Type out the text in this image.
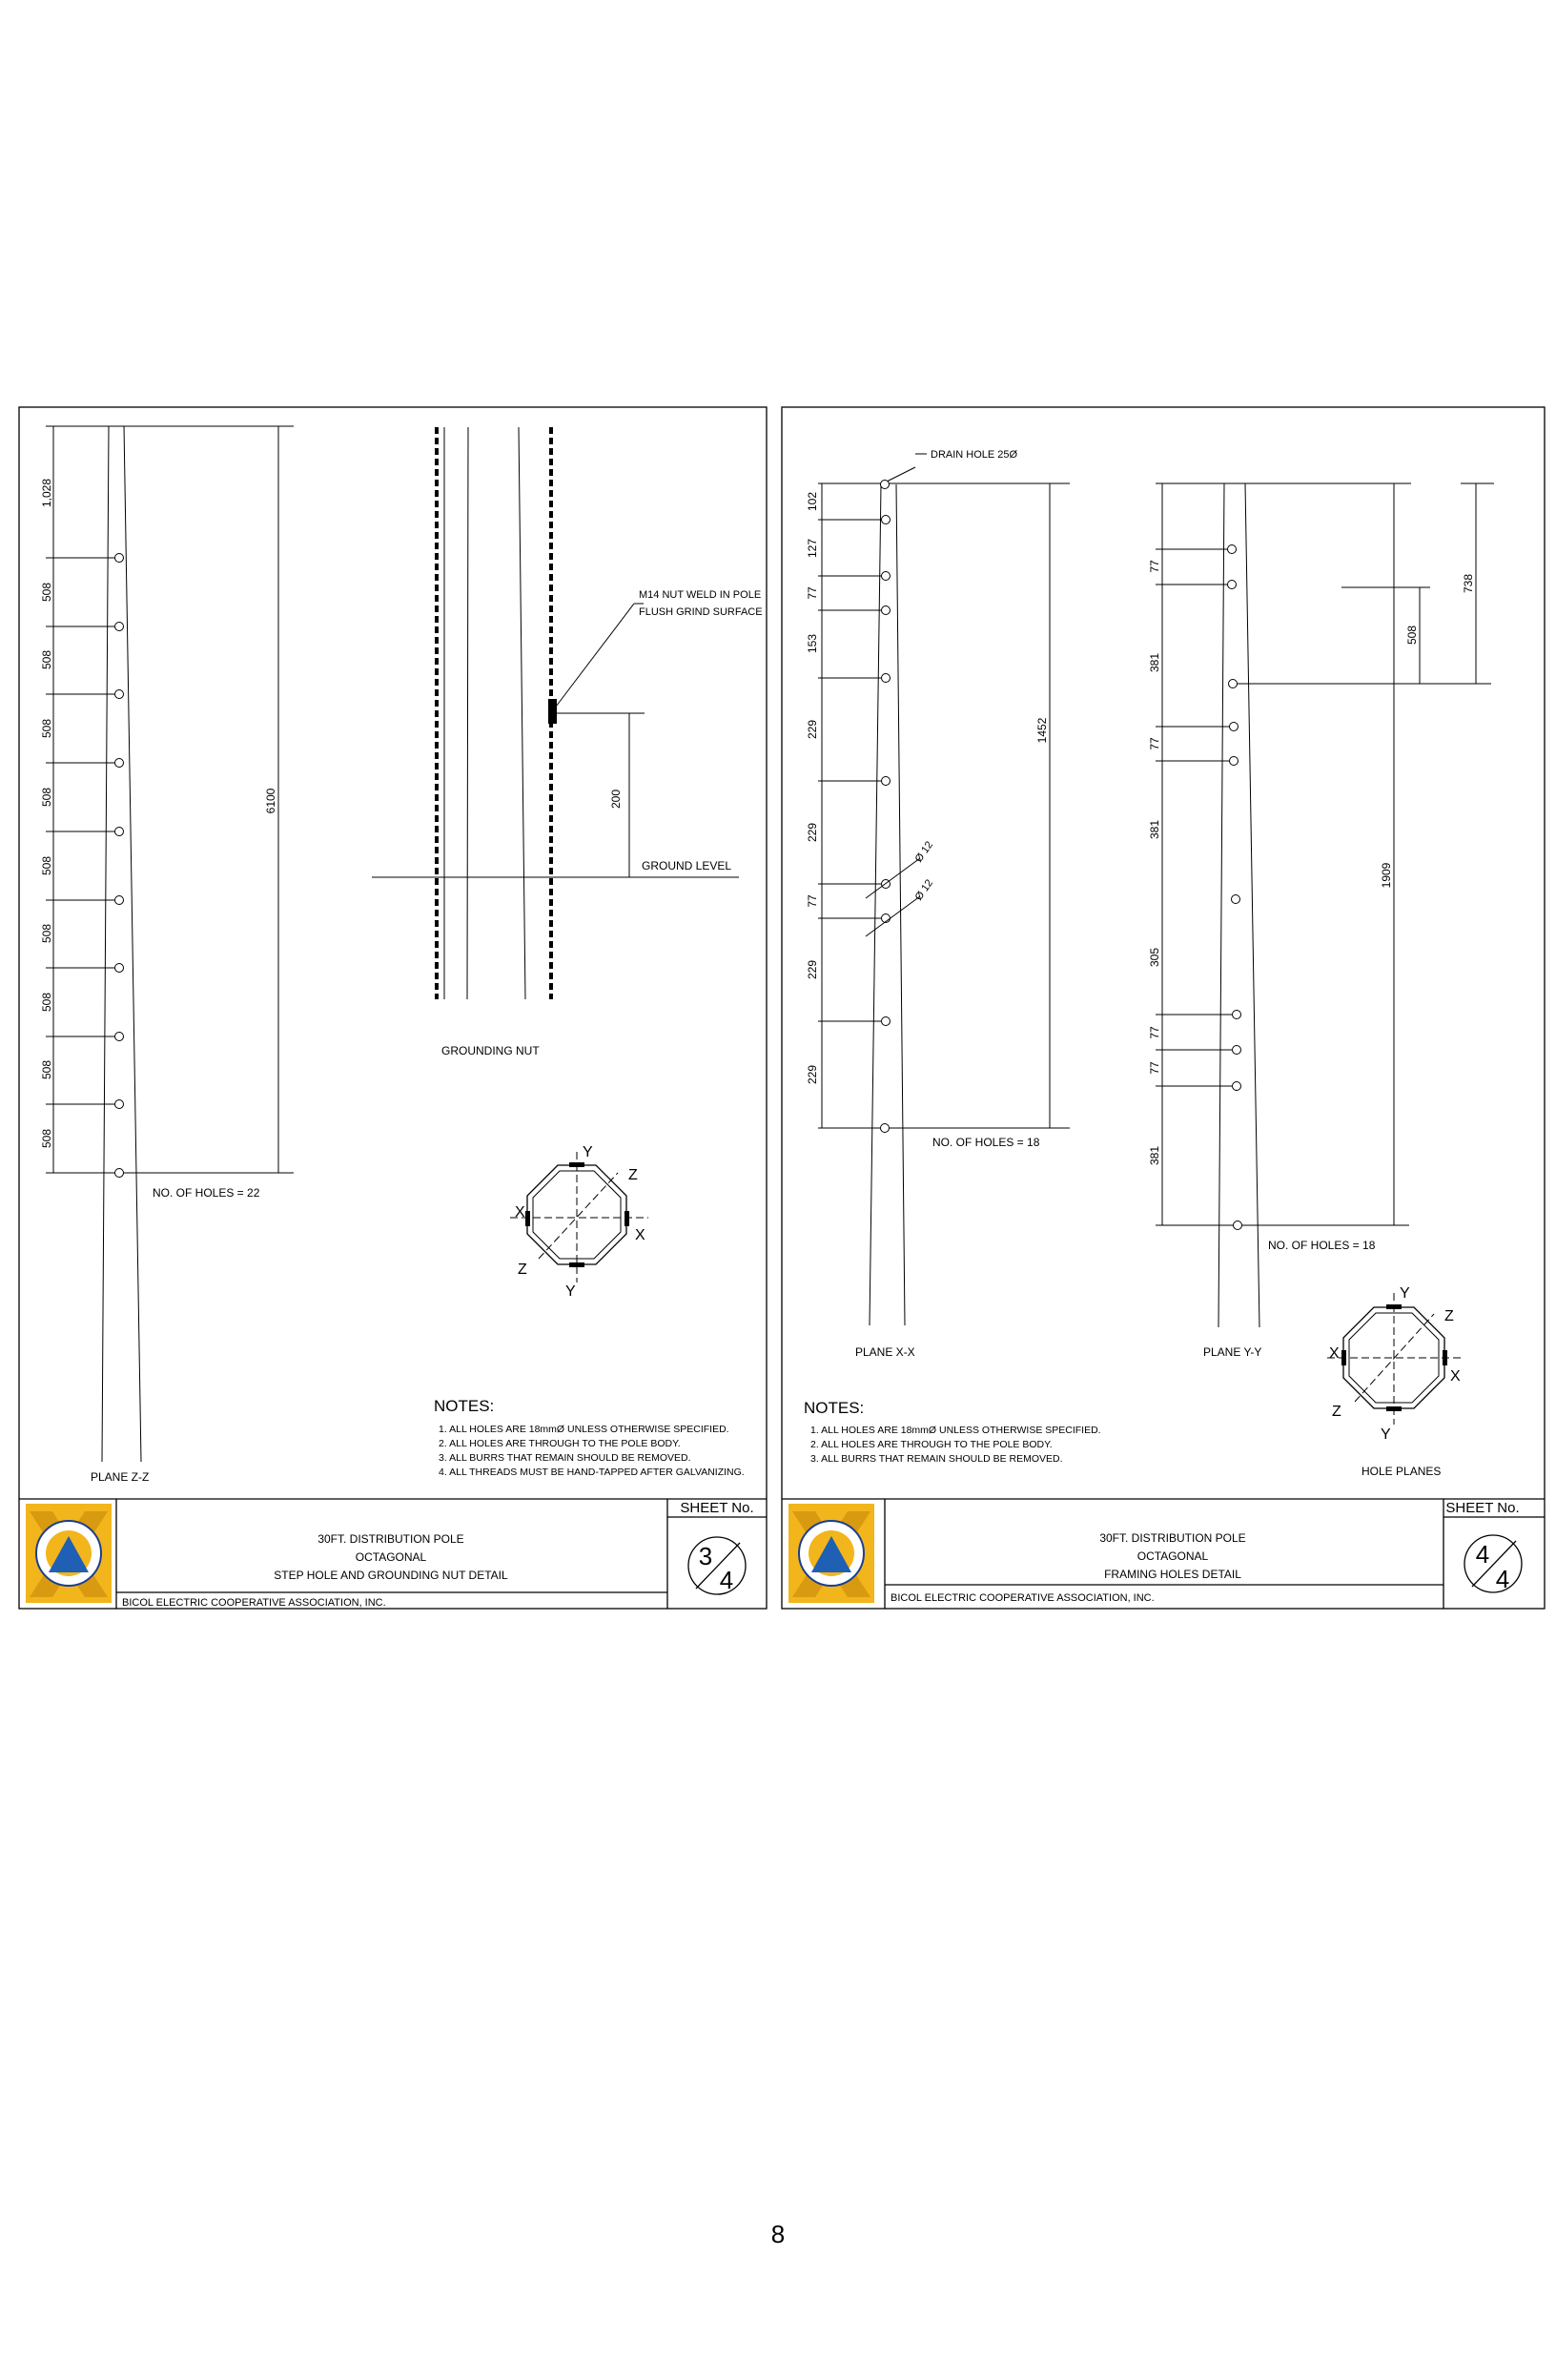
1,028
508
508
508
508
508
508
508
508
508
6100
NO. OF HOLES = 22
PLANE Z-Z
200
M14 NUT WELD IN POLE
FLUSH GRIND SURFACE
GROUND LEVEL
GROUNDING NUT
Y
Z
X
X
Z
Y
NOTES:
1. ALL HOLES ARE 18mmØ UNLESS OTHERWISE SPECIFIED.
2. ALL HOLES ARE THROUGH TO THE POLE BODY.
3. ALL BURRS THAT REMAIN SHOULD BE REMOVED.
4. ALL THREADS MUST BE HAND-TAPPED AFTER GALVANIZING.
SHEET No.
3
4
30FT. DISTRIBUTION POLE
OCTAGONAL
STEP HOLE AND GROUNDING NUT DETAIL
BICOL ELECTRIC COOPERATIVE ASSOCIATION, INC.
DRAIN HOLE 25Ø
102
127
77
153
229
229
77
229
229
1452
Ø 12
Ø 12
NO. OF HOLES = 18
PLANE X-X
77
381
77
381
305
77
77
381
1909
508
738
NO. OF HOLES = 18
PLANE Y-Y
Y
Z
X
X
Z
Y
HOLE PLANES
NOTES:
1. ALL HOLES ARE 18mmØ UNLESS OTHERWISE SPECIFIED.
2. ALL HOLES ARE THROUGH TO THE POLE BODY.
3. ALL BURRS THAT REMAIN SHOULD BE REMOVED.
SHEET No.
4
4
30FT. DISTRIBUTION POLE
OCTAGONAL
FRAMING HOLES DETAIL
BICOL ELECTRIC COOPERATIVE ASSOCIATION, INC.
8
